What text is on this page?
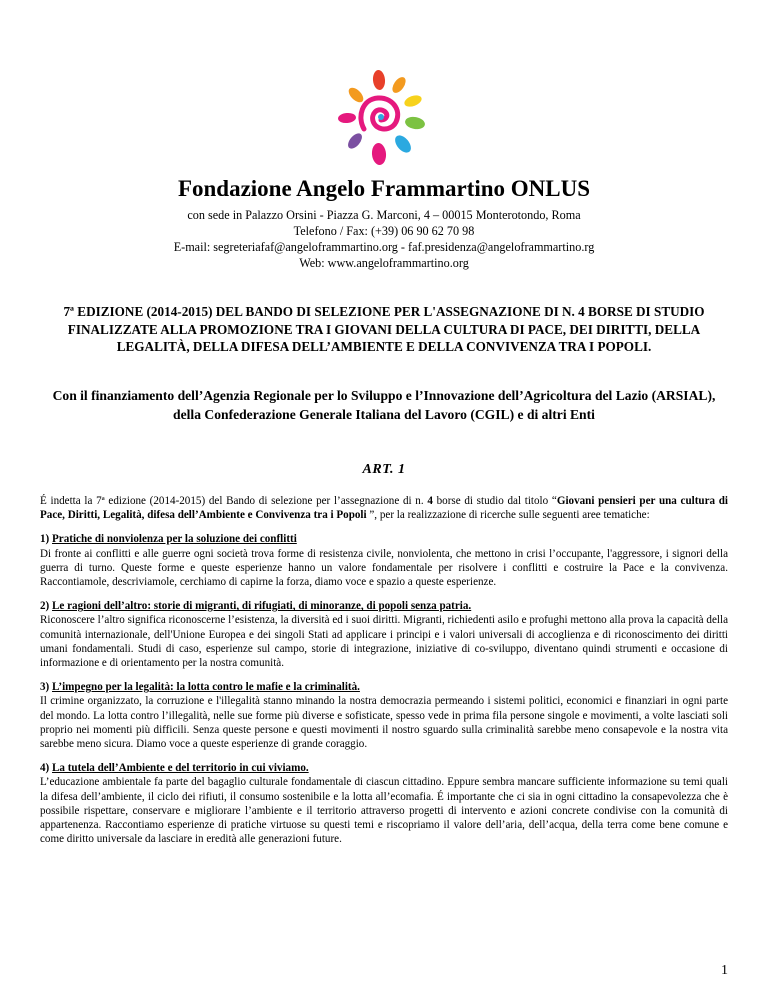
Fondazione Angelo Frammartino ONLUS
con sede in Palazzo Orsini - Piazza G. Marconi, 4 – 00015 Monterotondo, Roma
Telefono / Fax: (+39) 06 90 62 70 98
E-mail: segreteriafaf@angeloframmartino.org - faf.presidenza@angeloframmartino.rg
Web: www.angeloframmartino.org
7ª EDIZIONE (2014-2015) DEL BANDO DI SELEZIONE PER L'ASSEGNAZIONE DI N. 4 BORSE DI STUDIO FINALIZZATE ALLA PROMOZIONE TRA I GIOVANI DELLA CULTURA DI PACE, DEI DIRITTI, DELLA LEGALITÀ, DELLA DIFESA DELL’AMBIENTE E DELLA CONVIVENZA TRA I POPOLI.
Con il finanziamento dell’Agenzia Regionale per lo Sviluppo e l’Innovazione dell’Agricoltura del Lazio (ARSIAL), della Confederazione Generale Italiana del Lavoro (CGIL) e di altri Enti
ART. 1

É indetta la 7ª edizione (2014-2015) del Bando di selezione per l’assegnazione di n. 4 borse di studio dal titolo “Giovani pensieri per una cultura di Pace, Diritti, Legalità, difesa dell’Ambiente e Convivenza tra i Popoli ”, per la realizzazione di ricerche sulle seguenti aree tematiche:

1) Pratiche di nonviolenza per la soluzione dei conflitti
Di fronte ai conflitti e alle guerre ogni società trova forme di resistenza civile, nonviolenta, che mettono in crisi l’occupante, l'aggressore, i signori della guerra di turno. Queste forme e queste esperienze hanno un valore fondamentale per risolvere i conflitti e costruire la Pace e la convivenza. Raccontiamole, descriviamole, cerchiamo di capirne la forza, diamo voce e spazio a queste esperienze.

2) Le ragioni dell’altro: storie di migranti, di rifugiati, di minoranze, di popoli senza patria.
Riconoscere l’altro significa riconoscerne l’esistenza, la diversità ed i suoi diritti. Migranti, richiedenti asilo e profughi mettono alla prova la capacità della comunità internazionale, dell'Unione Europea e dei singoli Stati ad applicare i principi e i valori universali di accoglienza e di riconoscimento dei diritti umani fondamentali. Studi di caso, esperienze sul campo, storie di integrazione, iniziative di co-sviluppo, diventano quindi strumenti e occasione di informazione e di orientamento per la nostra comunità.

3) L’impegno per la legalità: la lotta contro le mafie e la criminalità.
Il crimine organizzato, la corruzione e l'illegalità stanno minando la nostra democrazia permeando i sistemi politici, economici e finanziari in ogni parte del mondo. La lotta contro l’illegalità, nelle sue forme più diverse e sofisticate, spesso vede in prima fila persone singole e movimenti, a volte lasciati soli proprio nei momenti più difficili. Senza queste persone e questi movimenti il nostro sguardo sulla criminalità sarebbe meno consapevole e la nostra vita sarebbe meno sicura. Diamo voce a queste esperienze di grande coraggio.

4) La tutela dell’Ambiente e del territorio in cui viviamo.
L’educazione ambientale fa parte del bagaglio culturale fondamentale di ciascun cittadino. Eppure sembra mancare sufficiente informazione su temi quali la difesa dell’ambiente, il ciclo dei rifiuti, il consumo sostenibile e la lotta all’ecomafia. É importante che ci sia in ogni cittadino la consapevolezza che è possibile rispettare, conservare e migliorare l’ambiente e il territorio attraverso progetti di intervento e azioni concrete condivise con la comunità di appartenenza. Raccontiamo esperienze di pratiche virtuose su questi temi e riscopriamo il valore dell’aria, dell’acqua, della terra come bene comune e come diritto universale da lasciare in eredità alle generazioni future.

1
